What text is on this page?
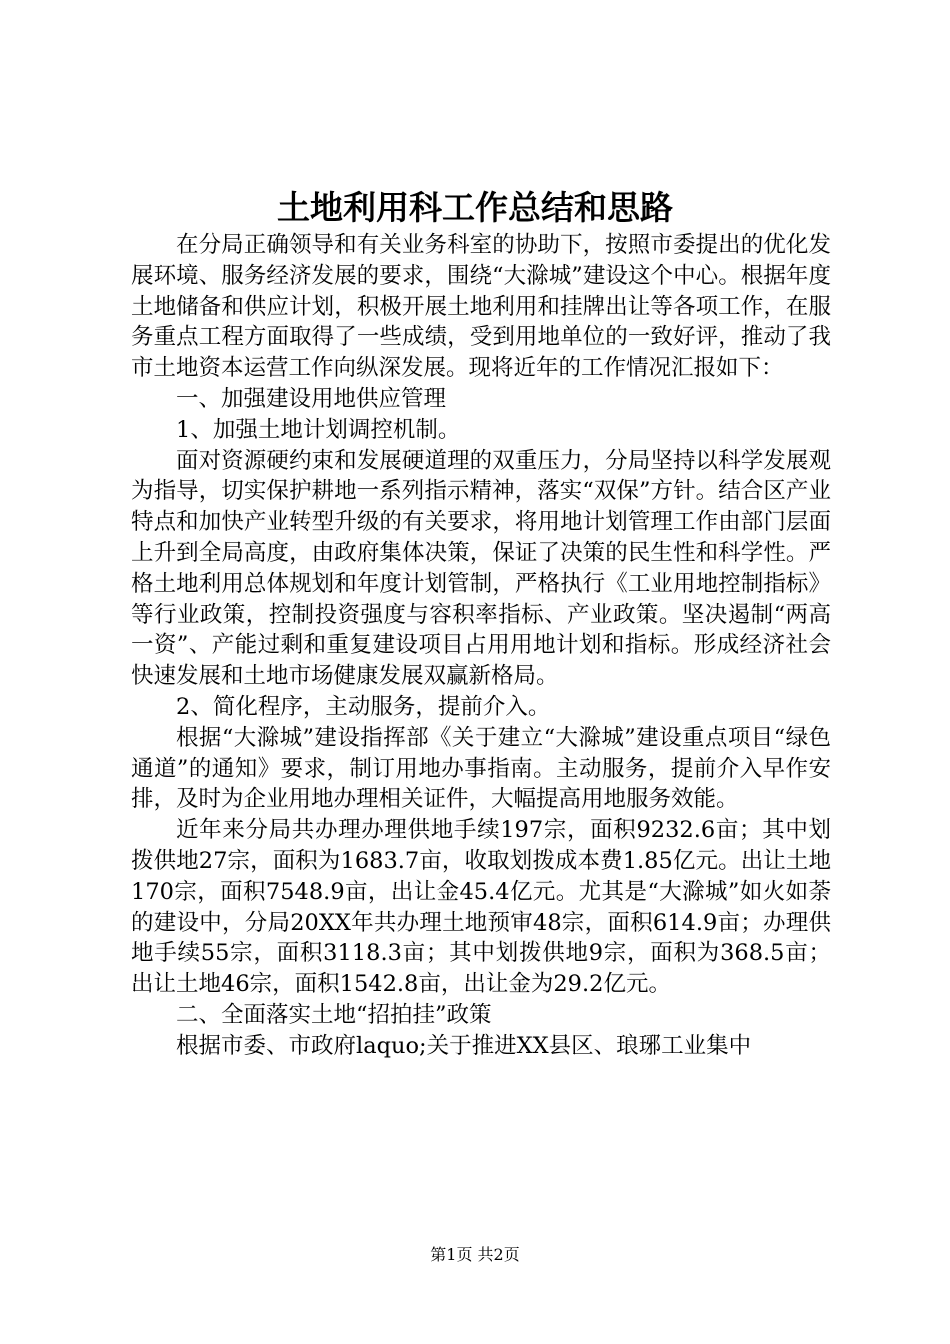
土地利用科工作总结和思路

在分局正确领导和有关业务科室的协助下，按照市委提出的优化发展环境、服务经济发展的要求，围绕“大滁城”建设这个中心。根据年度土地储备和供应计划，积极开展土地利用和挂牌出让等各项工作，在服务重点工程方面取得了一些成绩，受到用地单位的一致好评，推动了我市土地资本运营工作向纵深发展。现将近年的工作情况汇报如下：

一、加强建设用地供应管理

1、加强土地计划调控机制。

面对资源硬约束和发展硬道理的双重压力，分局坚持以科学发展观为指导，切实保护耕地一系列指示精神，落实“双保”方针。结合区产业特点和加快产业转型升级的有关要求，将用地计划管理工作由部门层面上升到全局高度，由政府集体决策，保证了决策的民生性和科学性。严格土地利用总体规划和年度计划管制，严格执行《工业用地控制指标》等行业政策，控制投资强度与容积率指标、产业政策。坚决遏制“两高一资”、产能过剩和重复建设项目占用用地计划和指标。形成经济社会快速发展和土地市场健康发展双赢新格局。

2、简化程序，主动服务，提前介入。

根据“大滁城”建设指挥部《关于建立“大滁城”建设重点项目“绿色通道”的通知》要求，制订用地办事指南。主动服务，提前介入早作安排，及时为企业用地办理相关证件，大幅提高用地服务效能。

近年来分局共办理办理供地手续197宗，面积9232.6亩；其中划拨供地27宗，面积为1683.7亩，收取划拨成本费1.85亿元。出让土地170宗，面积7548.9亩，出让金45.4亿元。尤其是“大滁城”如火如荼的建设中，分局20XX年共办理土地预审48宗，面积614.9亩；办理供地手续55宗，面积3118.3亩；其中划拨供地9宗，面积为368.5亩；出让土地46宗，面积1542.8亩，出让金为29.2亿元。

二、全面落实土地“招拍挂”政策

根据市委、市政府laquo;关于推进XX县区、琅琊工业集中

第1页 共2页
